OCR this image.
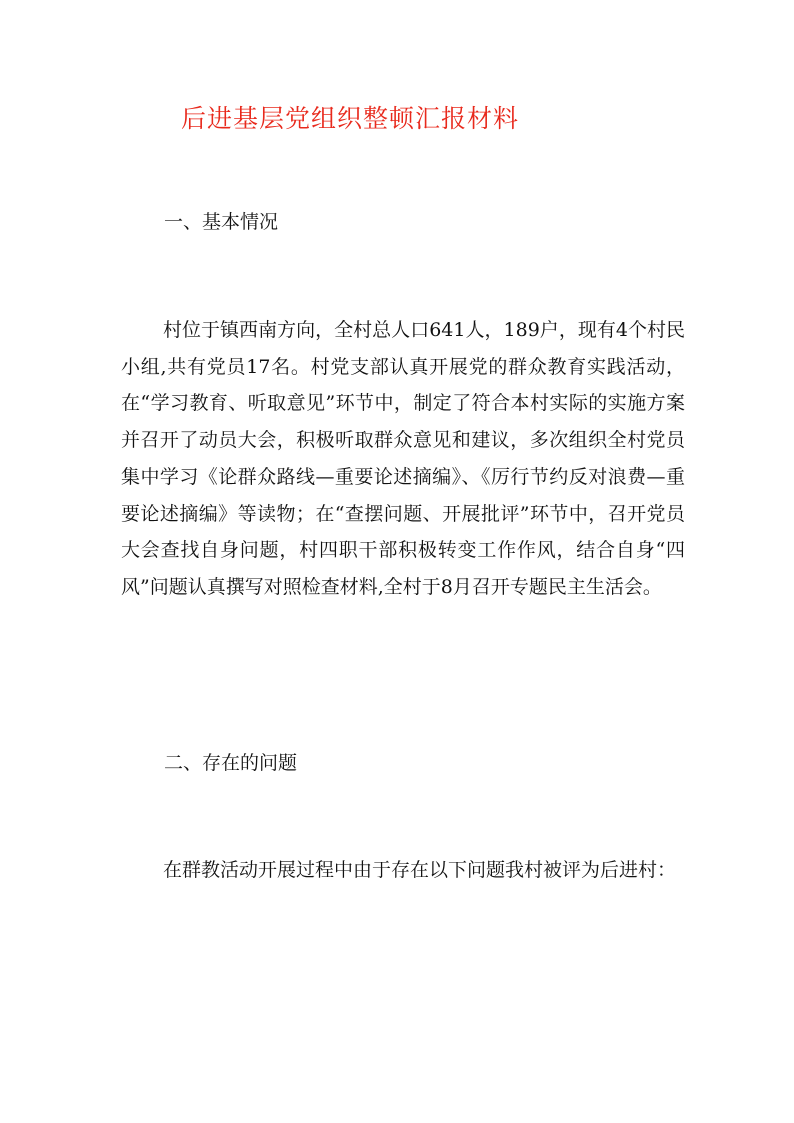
后进基层党组织整顿汇报材料
一、基本情况

村位于镇西南方向，全村总人口641人，189户，现有4个村民小组,共有党员17名。村党支部认真开展党的群众教育实践活动，在“学习教育、听取意见”环节中，制定了符合本村实际的实施方案并召开了动员大会，积极听取群众意见和建议，多次组织全村党员集中学习《论群众路线—重要论述摘编》、《厉行节约反对浪费—重要论述摘编》等读物；在“查摆问题、开展批评”环节中，召开党员大会查找自身问题，村四职干部积极转变工作作风，结合自身“四风”问题认真撰写对照检查材料,全村于8月召开专题民主生活会。

二、存在的问题

在群教活动开展过程中由于存在以下问题我村被评为后进村：
